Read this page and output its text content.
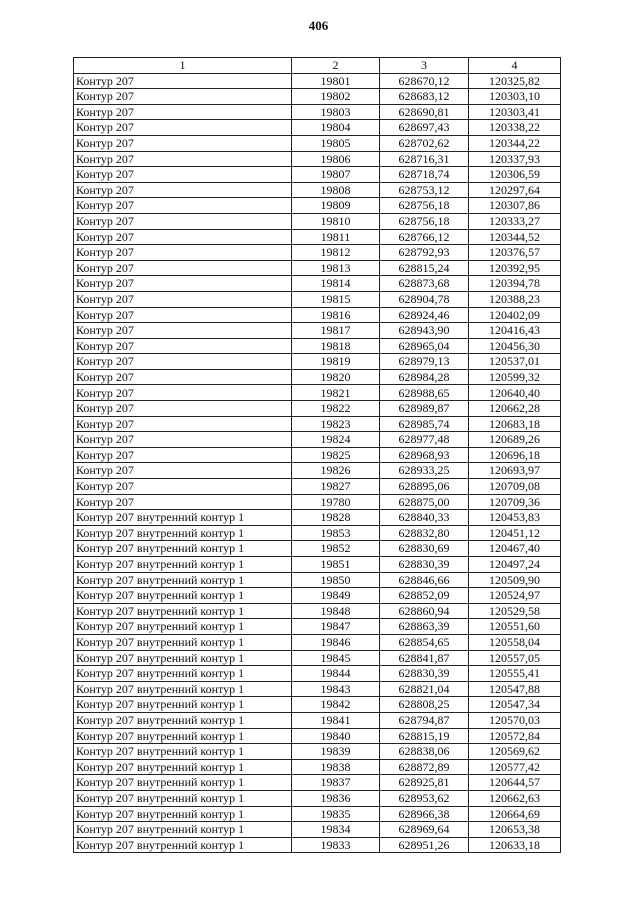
406
1	2	3	4
Контур 207	19801	628670,12	120325,82
Контур 207	19802	628683,12	120303,10
Контур 207	19803	628690,81	120303,41
Контур 207	19804	628697,43	120338,22
Контур 207	19805	628702,62	120344,22
Контур 207	19806	628716,31	120337,93
Контур 207	19807	628718,74	120306,59
Контур 207	19808	628753,12	120297,64
Контур 207	19809	628756,18	120307,86
Контур 207	19810	628756,18	120333,27
Контур 207	19811	628766,12	120344,52
Контур 207	19812	628792,93	120376,57
Контур 207	19813	628815,24	120392,95
Контур 207	19814	628873,68	120394,78
Контур 207	19815	628904,78	120388,23
Контур 207	19816	628924,46	120402,09
Контур 207	19817	628943,90	120416,43
Контур 207	19818	628965,04	120456,30
Контур 207	19819	628979,13	120537,01
Контур 207	19820	628984,28	120599,32
Контур 207	19821	628988,65	120640,40
Контур 207	19822	628989,87	120662,28
Контур 207	19823	628985,74	120683,18
Контур 207	19824	628977,48	120689,26
Контур 207	19825	628968,93	120696,18
Контур 207	19826	628933,25	120693,97
Контур 207	19827	628895,06	120709,08
Контур 207	19780	628875,00	120709,36
Контур 207 внутренний контур 1	19828	628840,33	120453,83
Контур 207 внутренний контур 1	19853	628832,80	120451,12
Контур 207 внутренний контур 1	19852	628830,69	120467,40
Контур 207 внутренний контур 1	19851	628830,39	120497,24
Контур 207 внутренний контур 1	19850	628846,66	120509,90
Контур 207 внутренний контур 1	19849	628852,09	120524,97
Контур 207 внутренний контур 1	19848	628860,94	120529,58
Контур 207 внутренний контур 1	19847	628863,39	120551,60
Контур 207 внутренний контур 1	19846	628854,65	120558,04
Контур 207 внутренний контур 1	19845	628841,87	120557,05
Контур 207 внутренний контур 1	19844	628830,39	120555,41
Контур 207 внутренний контур 1	19843	628821,04	120547,88
Контур 207 внутренний контур 1	19842	628808,25	120547,34
Контур 207 внутренний контур 1	19841	628794,87	120570,03
Контур 207 внутренний контур 1	19840	628815,19	120572,84
Контур 207 внутренний контур 1	19839	628838,06	120569,62
Контур 207 внутренний контур 1	19838	628872,89	120577,42
Контур 207 внутренний контур 1	19837	628925,81	120644,57
Контур 207 внутренний контур 1	19836	628953,62	120662,63
Контур 207 внутренний контур 1	19835	628966,38	120664,69
Контур 207 внутренний контур 1	19834	628969,64	120653,38
Контур 207 внутренний контур 1	19833	628951,26	120633,18
